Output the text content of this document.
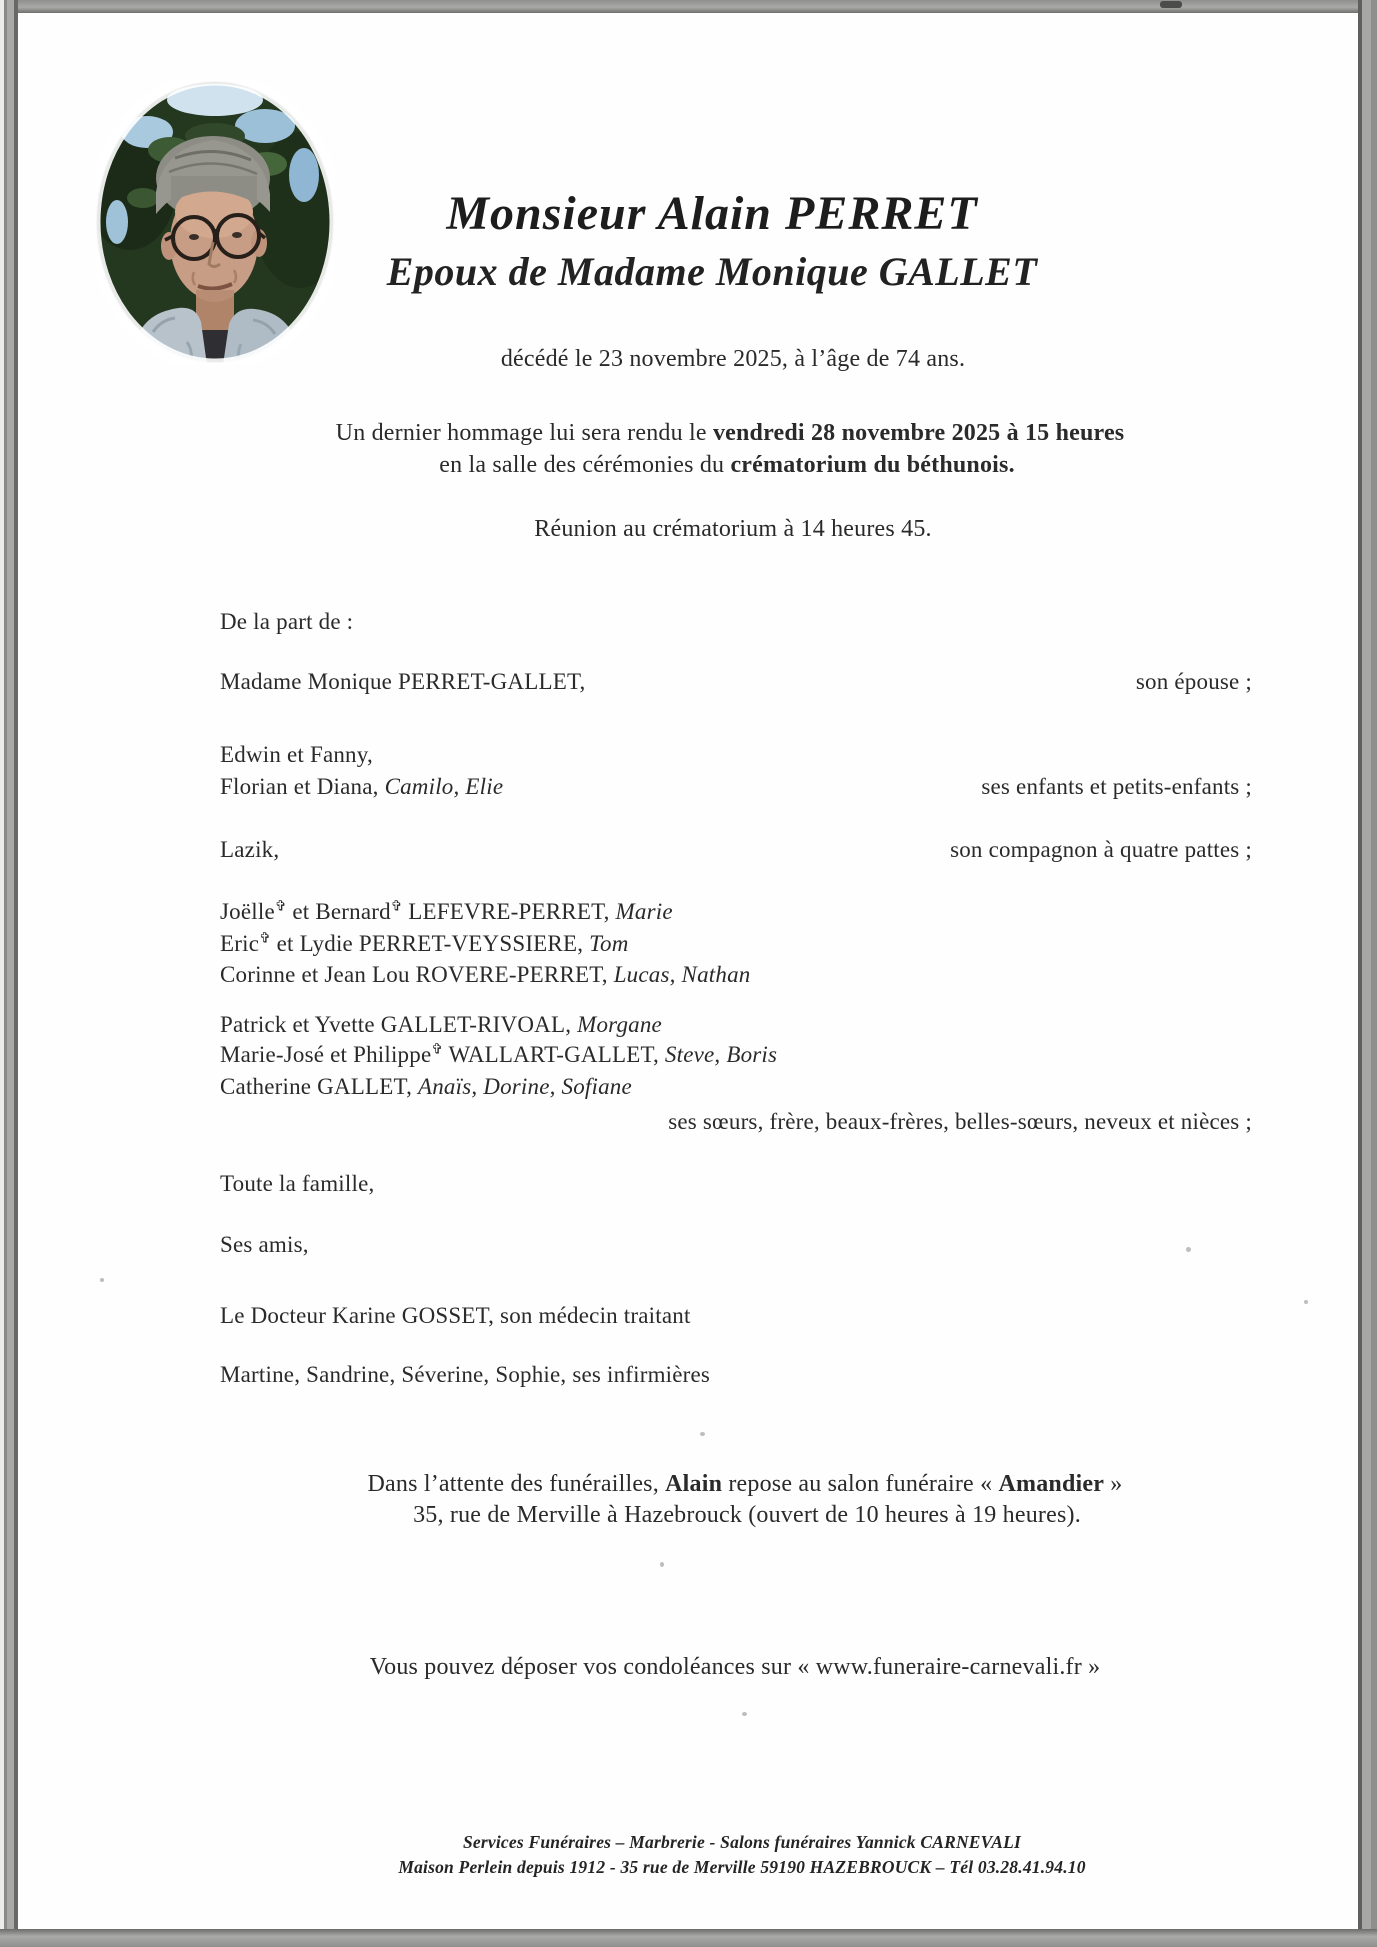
Monsieur Alain PERRET
Epoux de Madame Monique GALLET
décédé le 23 novembre 2025, à l’âge de 74 ans.
Un dernier hommage lui sera rendu le vendredi 28 novembre 2025 à 15 heures
en la salle des cérémonies du crématorium du béthunois.
Réunion au crématorium à 14 heures 45.
De la part de :
Madame Monique PERRET-GALLET,	son épouse ;
Edwin et Fanny,
Florian et Diana, Camilo, Elie	ses enfants et petits-enfants ;
Lazik,	son compagnon à quatre pattes ;
Joëlle✞ et Bernard✞ LEFEVRE-PERRET, Marie
Eric✞ et Lydie PERRET-VEYSSIERE, Tom
Corinne et Jean Lou ROVERE-PERRET, Lucas, Nathan
Patrick et Yvette GALLET-RIVOAL, Morgane
Marie-José et Philippe✞ WALLART-GALLET, Steve, Boris
Catherine GALLET, Anaïs, Dorine, Sofiane
ses sœurs, frère, beaux-frères, belles-sœurs, neveux et nièces ;
Toute la famille,
Ses amis,
Le Docteur Karine GOSSET, son médecin traitant
Martine, Sandrine, Séverine, Sophie, ses infirmières
Dans l’attente des funérailles, Alain repose au salon funéraire « Amandier »
35, rue de Merville à Hazebrouck (ouvert de 10 heures à 19 heures).
Vous pouvez déposer vos condoléances sur « www.funeraire-carnevali.fr »
Services Funéraires – Marbrerie - Salons funéraires Yannick CARNEVALI
Maison Perlein depuis 1912 - 35 rue de Merville 59190 HAZEBROUCK – Tél 03.28.41.94.10
